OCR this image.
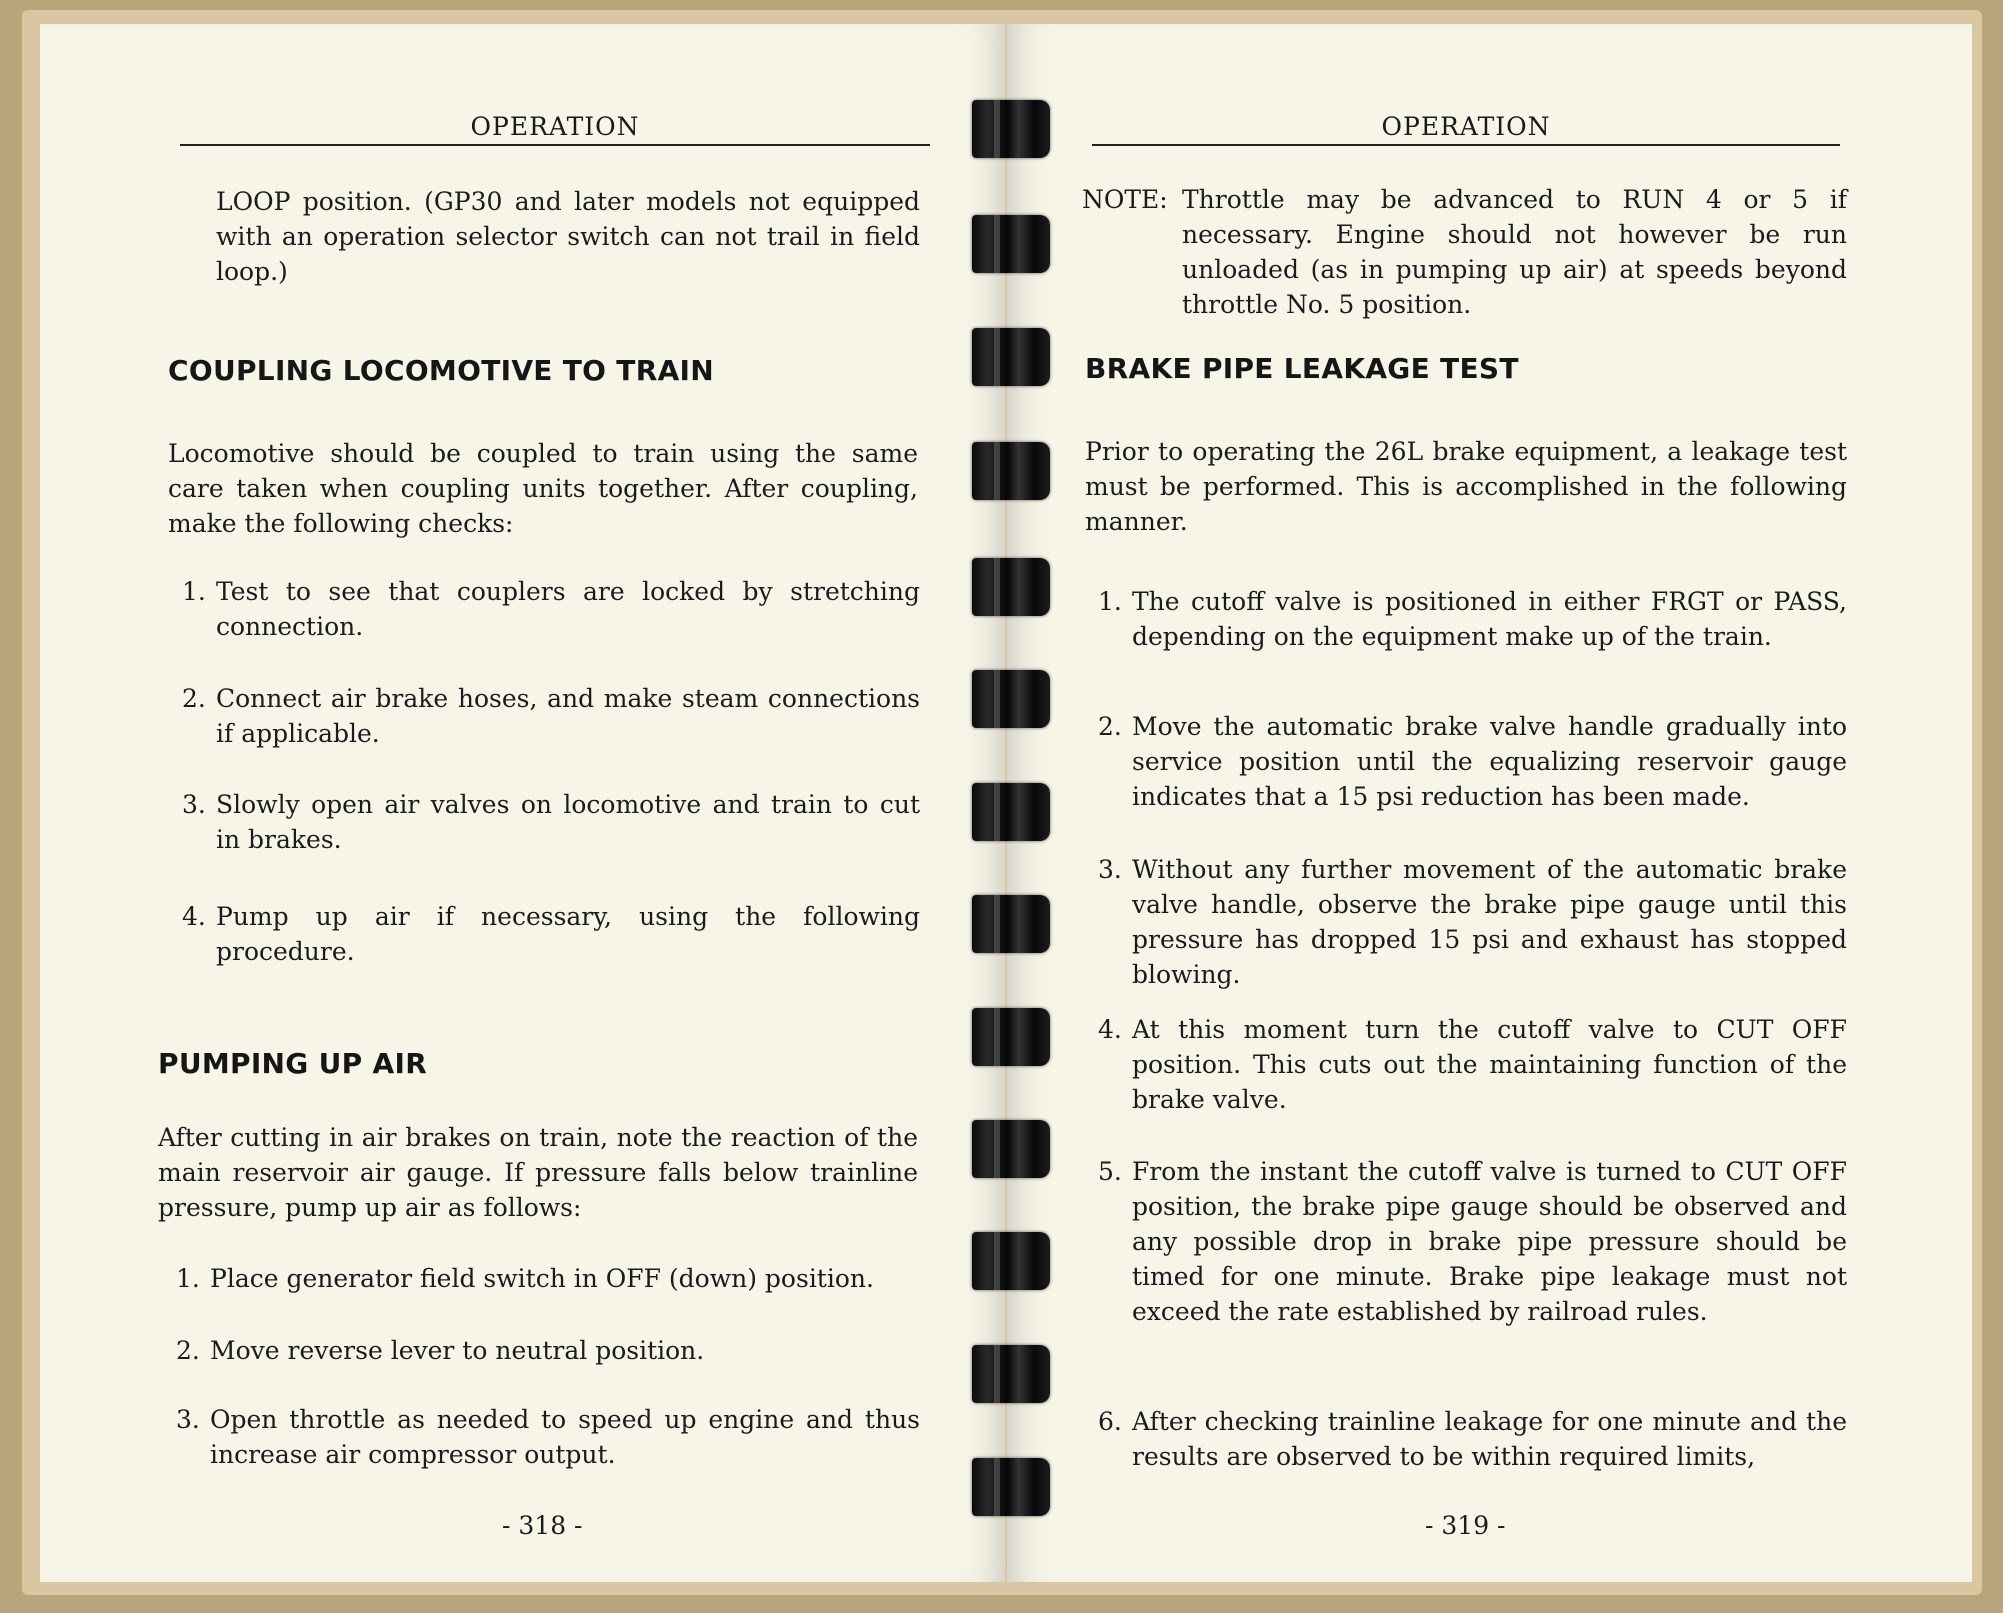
OPERATION

LOOP position. (GP30 and later models not equipped with an operation selector switch can not trail in field loop.)

COUPLING LOCOMOTIVE TO TRAIN

Locomotive should be coupled to train using the same care taken when coupling units together. After coupling, make the following checks:

1. Test to see that couplers are locked by stretching connection.

2. Connect air brake hoses, and make steam connections if applicable.

3. Slowly open air valves on locomotive and train to cut in brakes.

4. Pump up air if necessary, using the following procedure.

PUMPING UP AIR

After cutting in air brakes on train, note the reaction of the main reservoir air gauge. If pressure falls below trainline pressure, pump up air as follows:

1. Place generator field switch in OFF (down) position.

2. Move reverse lever to neutral position.

3. Open throttle as needed to speed up engine and thus increase air compressor output.

- 318 -
OPERATION
NOTE: Throttle may be advanced to RUN 4 or 5 if necessary. Engine should not however be run unloaded (as in pumping up air) at speeds beyond throttle No. 5 position.

BRAKE PIPE LEAKAGE TEST

Prior to operating the 26L brake equipment, a leakage test must be performed. This is accomplished in the following manner.

1. The cutoff valve is positioned in either FRGT or PASS, depending on the equipment make up of the train.

2. Move the automatic brake valve handle gradually into service position until the equalizing reservoir gauge indicates that a 15 psi reduction has been made.

3. Without any further movement of the automatic brake valve handle, observe the brake pipe gauge until this pressure has dropped 15 psi and exhaust has stopped blowing.

4. At this moment turn the cutoff valve to CUT OFF position. This cuts out the maintaining function of the brake valve.

5. From the instant the cutoff valve is turned to CUT OFF position, the brake pipe gauge should be observed and any possible drop in brake pipe pressure should be timed for one minute. Brake pipe leakage must not exceed the rate established by railroad rules.

6. After checking trainline leakage for one minute and the results are observed to be within required limits,

- 319 -
